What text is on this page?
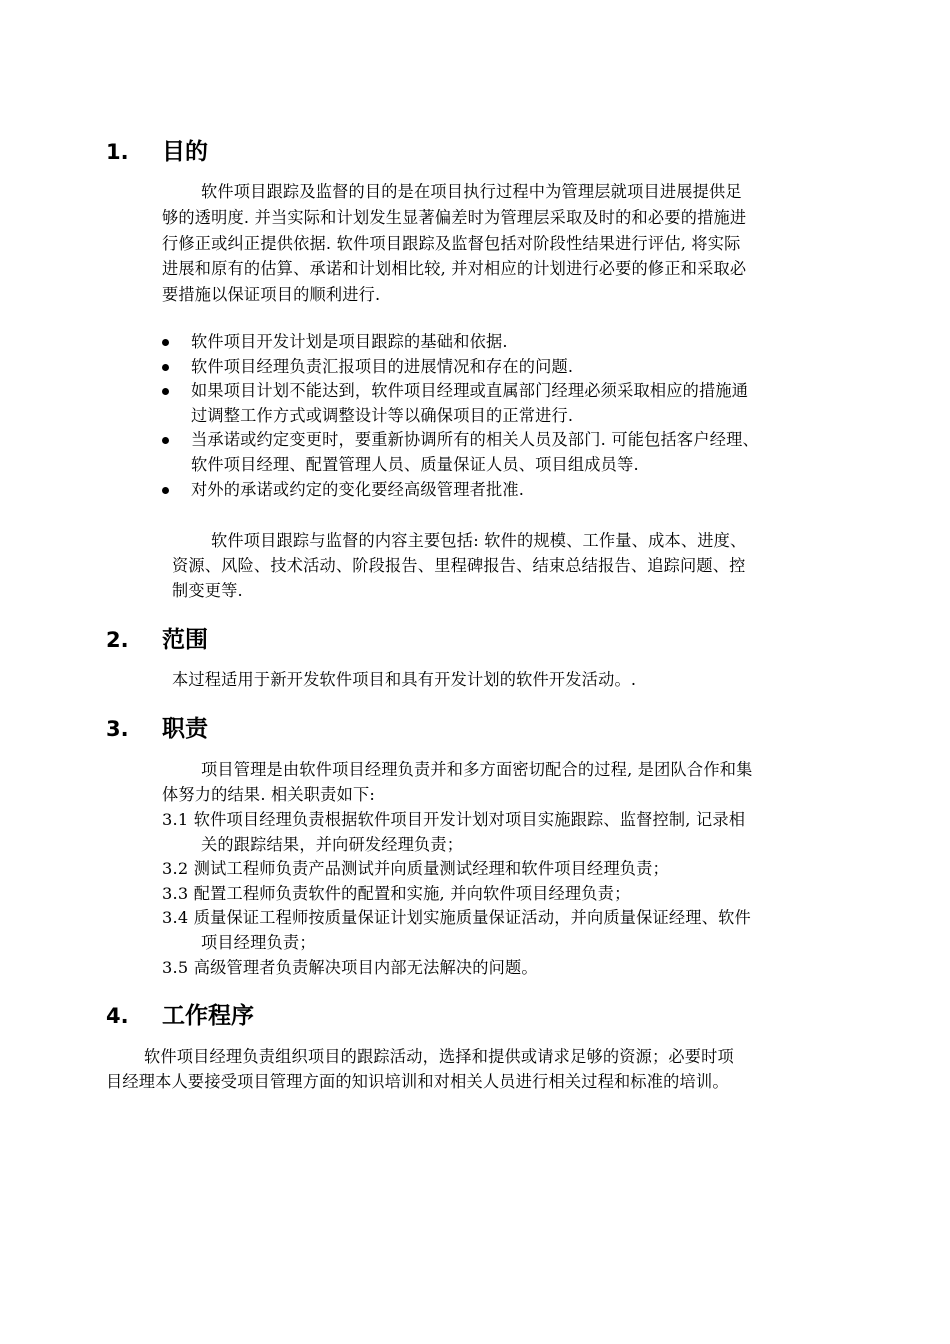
1. 目的
软件项目跟踪及监督的目的是在项目执行过程中为管理层就项目进展提供足
够的透明度. 并当实际和计划发生显著偏差时为管理层采取及时的和必要的措施进
行修正或纠正提供依据. 软件项目跟踪及监督包括对阶段性结果进行评估, 将实际
进展和原有的估算、承诺和计划相比较, 并对相应的计划进行必要的修正和采取必
要措施以保证项目的顺利进行.
软件项目开发计划是项目跟踪的基础和依据.
软件项目经理负责汇报项目的进展情况和存在的问题.
如果项目计划不能达到，软件项目经理或直属部门经理必须采取相应的措施通
过调整工作方式或调整设计等以确保项目的正常进行.
当承诺或约定变更时，要重新协调所有的相关人员及部门. 可能包括客户经理、
软件项目经理、配置管理人员、质量保证人员、项目组成员等.
对外的承诺或约定的变化要经高级管理者批准.
软件项目跟踪与监督的内容主要包括: 软件的规模、工作量、成本、进度、
资源、风险、技术活动、阶段报告、里程碑报告、结束总结报告、追踪问题、控
制变更等.
2. 范围
本过程适用于新开发软件项目和具有开发计划的软件开发活动。.
3. 职责
项目管理是由软件项目经理负责并和多方面密切配合的过程, 是团队合作和集
体努力的结果. 相关职责如下:
3.1 软件项目经理负责根据软件项目开发计划对项目实施跟踪、监督控制, 记录相
关的跟踪结果，并向研发经理负责；
3.2 测试工程师负责产品测试并向质量测试经理和软件项目经理负责；
3.3 配置工程师负责软件的配置和实施, 并向软件项目经理负责；
3.4 质量保证工程师按质量保证计划实施质量保证活动，并向质量保证经理、软件
项目经理负责；
3.5 高级管理者负责解决项目内部无法解决的问题。
4. 工作程序
软件项目经理负责组织项目的跟踪活动，选择和提供或请求足够的资源；必要时项
目经理本人要接受项目管理方面的知识培训和对相关人员进行相关过程和标准的培训。
